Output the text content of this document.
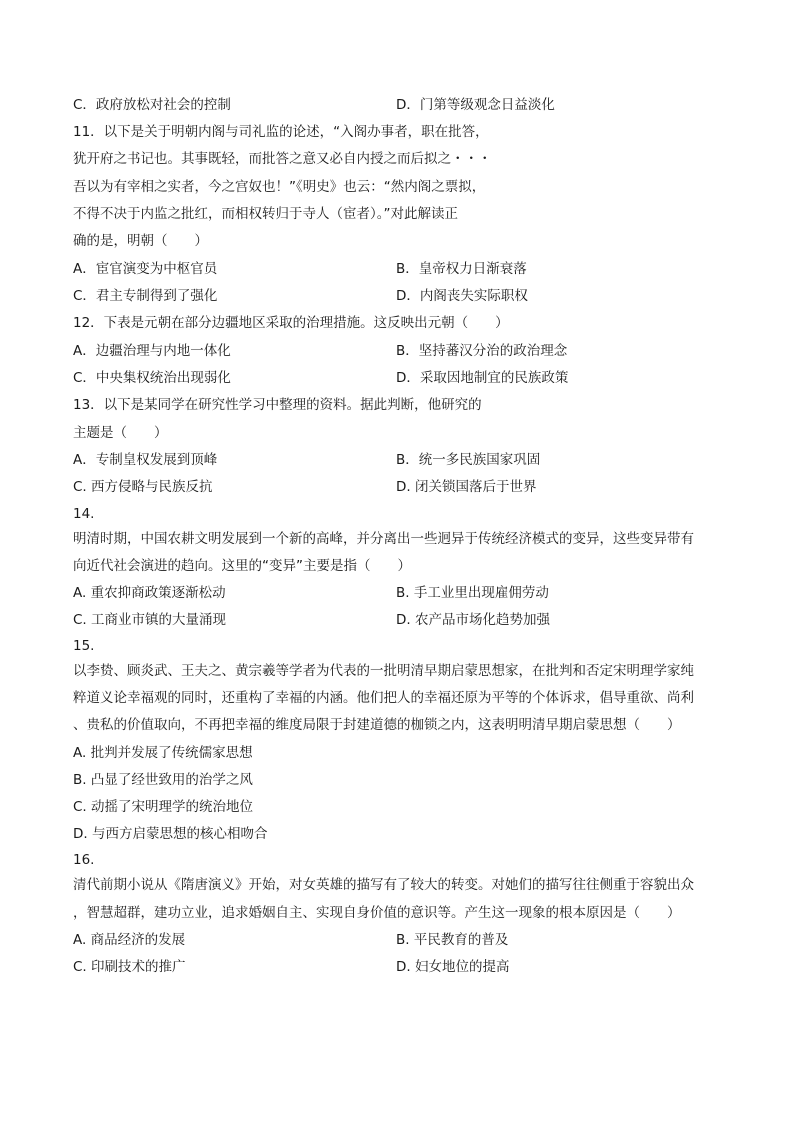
C．政府放松对社会的控制	D．门第等级观念日益淡化
11．以下是关于明朝内阁与司礼监的论述，“入阁办事者，职在批答，
犹开府之书记也。其事既轻，而批答之意又必自内授之而后拟之・・・
吾以为有宰相之实者，今之宫奴也！”《明史》也云：“然内阁之票拟，
不得不决于内监之批红，而相权转归于寺人（宦者）。”对此解读正
确的是，明朝（　　）
A．宦官演变为中枢官员	B．皇帝权力日渐衰落
C．君主专制得到了强化	D．内阁丧失实际职权
12．下表是元朝在部分边疆地区采取的治理措施。这反映出元朝（　　）
A．边疆治理与内地一体化	B．坚持蕃汉分治的政治理念
C．中央集权统治出现弱化	D．采取因地制宜的民族政策
13．以下是某同学在研究性学习中整理的资料。据此判断，他研究的
主题是（　　）
A．专制皇权发展到顶峰	B．统一多民族国家巩固
C. 西方侵略与民族反抗	D. 闭关锁国落后于世界
14.
明清时期，中国农耕文明发展到一个新的高峰，并分离出一些迥异于传统经济模式的变异，这些变异带有
向近代社会演进的趋向。这里的“变异”主要是指（　　）
A. 重农抑商政策逐渐松动	B. 手工业里出现雇佣劳动
C. 工商业市镇的大量涌现	D. 农产品市场化趋势加强
15.
以李贽、顾炎武、王夫之、黄宗羲等学者为代表的一批明清早期启蒙思想家，在批判和否定宋明理学家纯
粹道义论幸福观的同时，还重构了幸福的内涵。他们把人的幸福还原为平等的个体诉求，倡导重欲、尚利
、贵私的价值取向，不再把幸福的维度局限于封建道德的枷锁之内，这表明明清早期启蒙思想（　　）
A. 批判并发展了传统儒家思想
B. 凸显了经世致用的治学之风
C. 动摇了宋明理学的统治地位
D. 与西方启蒙思想的核心相吻合
16.
清代前期小说从《隋唐演义》开始，对女英雄的描写有了较大的转变。对她们的描写往往侧重于容貌出众
，智慧超群，建功立业，追求婚姻自主、实现自身价值的意识等。产生这一现象的根本原因是（　　）
A. 商品经济的发展	B. 平民教育的普及
C. 印刷技术的推广	D. 妇女地位的提高
